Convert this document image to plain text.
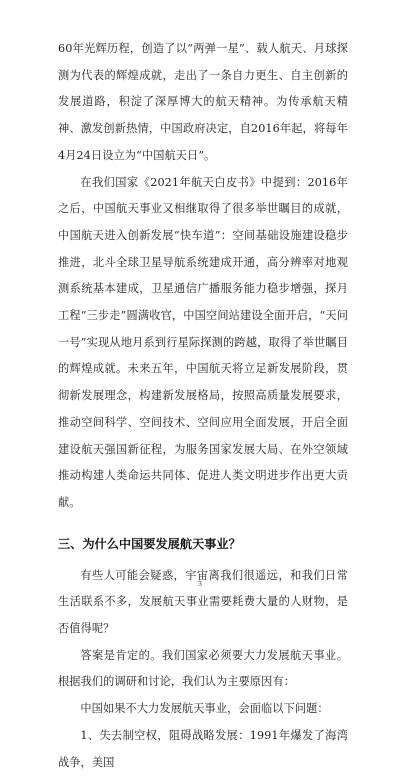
60年光辉历程，创造了以“两弹一星”、载人航天、月球探测为代表的辉煌成就，走出了一条自力更生、自主创新的发展道路，积淀了深厚博大的航天精神。为传承航天精神、激发创新热情，中国政府决定，自2016年起，将每年4月24日设立为“中国航天日”。

在我们国家《2021年航天白皮书》中提到：2016年之后，中国航天事业又相继取得了很多举世瞩目的成就，中国航天进入创新发展“快车道”：空间基础设施建设稳步推进，北斗全球卫星导航系统建成开通，高分辨率对地观测系统基本建成，卫星通信广播服务能力稳步增强，探月工程“三步走”圆满收官，中国空间站建设全面开启，“天问一号”实现从地月系到行星际探测的跨越，取得了举世瞩目的辉煌成就。未来五年，中国航天将立足新发展阶段，贯彻新发展理念，构建新发展格局，按照高质量发展要求，推动空间科学、空间技术、空间应用全面发展，开启全面建设航天强国新征程，为服务国家发展大局、在外空领域推动构建人类命运共同体、促进人类文明进步作出更大贡献。

三、为什么中国要发展航天事业？

有些人可能会疑惑，宇宙离我们很遥远，和我们日常生活联系不多，发展航天事业需要耗费大量的人财物，是否值得呢？

答案是肯定的。我们国家必须要大力发展航天事业。根据我们的调研和讨论，我们认为主要原因有：

中国如果不大力发展航天事业，会面临以下问题：

1、失去制空权，阻碍战略发展：1991年爆发了海湾战争，美国

3
